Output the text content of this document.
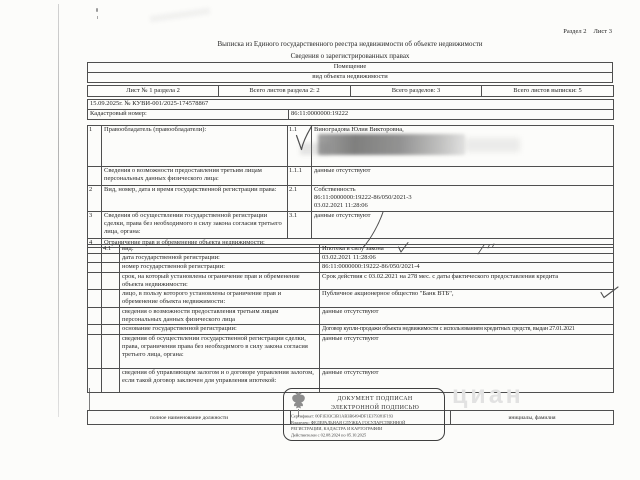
циан
Раздел 2 Лист 3
Выписка из Единого государственного реестра недвижимости об объекте недвижимости
Сведения о зарегистрированных правах
Помещение
вид объекта недвижимости
Лист № 1 раздела 2	Всего листов раздела 2: 2	Всего разделов: 3	Всего листов выписки: 5
15.09.2025г. № КУВИ-001/2025-174578867
Кадастровый номер:	86:11:0000000:19222
1	Правообладатель (правообладатели):	1.1	Виноградова Юлия Викторовна,
	Сведения о возможности предоставления третьим лицам персональных данных физического лица:	1.1.1	данные отсутствуют
2	Вид, номер, дата и время государственной регистрации права:	2.1	Собственность
86:11:0000000:19222-86/050/2021-3
03.02.2021 11:28:06

3	Сведения об осуществлении государственной регистрации сделки, права без необходимого в силу закона согласия третьего лица, органа:	3.1	данные отсутствуют
4	Ограничение прав и обременение объекта недвижимости:		
	4.1	вид:	Ипотека в силу закона
		дата государственной регистрации:	03.02.2021 11:28:06
		номер государственной регистрации:	86:11:0000000:19222-86/050/2021-4
		срок, на который установлены ограничение прав и обременение объекта недвижимости:	Срок действия с 03.02.2021 на 278 мес. с даты фактического предоставления кредита
		лицо, в пользу которого установлены ограничение прав и обременение объекта недвижимости:	Публичное акционерное общество "Банк ВТБ",
		сведения о возможности предоставления третьим лицам персональных данных физического лица	данные отсутствуют
		основание государственной регистрации:	Договор купли-продажи объекта недвижимости с использованием кредитных средств, выдан 27.01.2021
		сведения об осуществлении государственной регистрации сделки, права, ограничения права без необходимого в силу закона согласия третьего лица, органа:	данные отсутствуют
		сведения об управляющем залогом и о договоре управления залогом, если такой договор заключен для управления ипотекой:	данные отсутствуют
полное наименование должности		инициалы, фамилия
ДОКУМЕНТ ПОДПИСАН
ЭЛЕКТРОННОЙ ПОДПИСЬЮ
Сертификат: 00F1E03C3B1AB3B6494DF1E379381F193
Владелец: ФЕДЕРАЛЬНАЯ СЛУЖБА ГОСУДАРСТВЕННОЙ
РЕГИСТРАЦИИ, КАДАСТРА И КАРТОГРАФИИ
Действителен с 02.08.2024 по 05.10.2025
